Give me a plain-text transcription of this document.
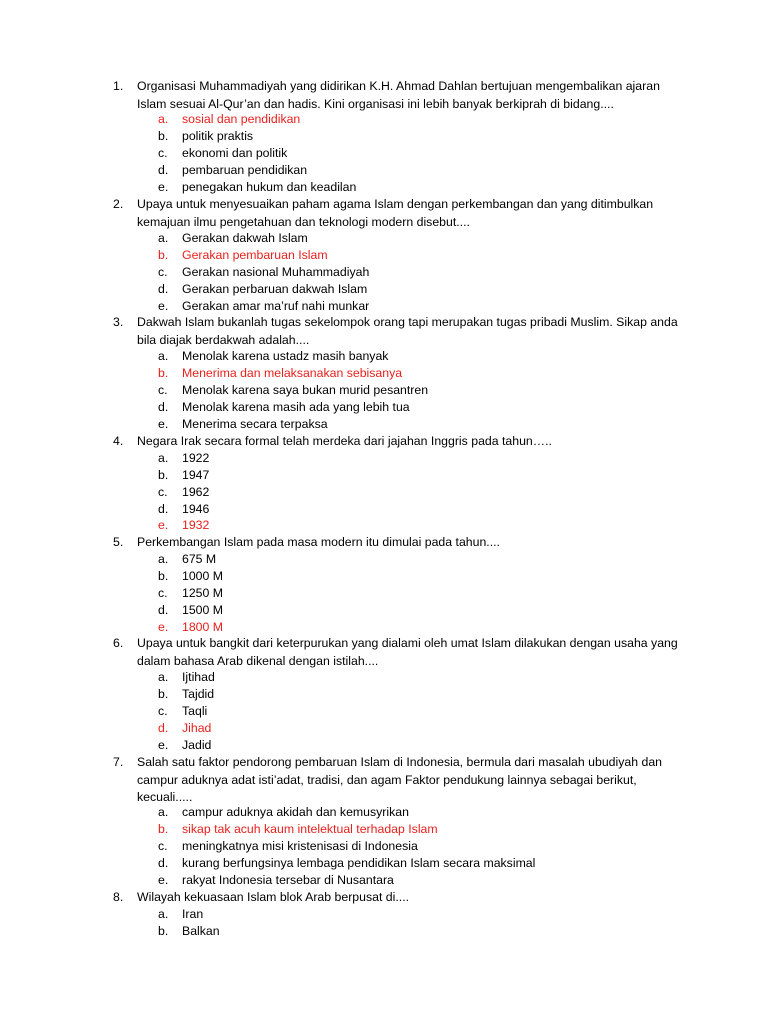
1.	Organisasi Muhammadiyah yang didirikan K.H. Ahmad Dahlan bertujuan mengembalikan ajaran Islam sesuai Al-Qur’an dan hadis. Kini organisasi ini lebih banyak berkiprah di bidang....
a. sosial dan pendidikan
b. politik praktis
c. ekonomi dan politik
d. pembaruan pendidikan
e. penegakan hukum dan keadilan
2.	Upaya untuk menyesuaikan paham agama Islam dengan perkembangan dan yang ditimbulkan kemajuan ilmu pengetahuan dan teknologi modern disebut....
a. Gerakan dakwah Islam
b. Gerakan pembaruan Islam
c. Gerakan nasional Muhammadiyah
d. Gerakan perbaruan dakwah Islam
e. Gerakan amar ma’ruf nahi munkar
3.	Dakwah Islam bukanlah tugas sekelompok orang tapi merupakan tugas pribadi Muslim. Sikap anda bila diajak berdakwah adalah....
a. Menolak karena ustadz masih banyak
b. Menerima dan melaksanakan sebisanya
c. Menolak karena saya bukan murid pesantren
d. Menolak karena masih ada yang lebih tua
e. Menerima secara terpaksa
4.	Negara Irak secara formal telah merdeka dari jajahan Inggris pada tahun…..
a. 1922
b. 1947
c. 1962
d. 1946
e. 1932
5.	Perkembangan Islam pada masa modern itu dimulai pada tahun....
a. 675 M
b. 1000 M
c. 1250 M
d. 1500 M
e. 1800 M
6.	Upaya untuk bangkit dari keterpurukan yang dialami oleh umat Islam dilakukan dengan usaha yang dalam bahasa Arab dikenal dengan istilah....
a. Ijtihad
b. Tajdid
c. Taqli
d. Jihad
e. Jadid
7.	Salah satu faktor pendorong pembaruan Islam di Indonesia, bermula dari masalah ubudiyah dan campur aduknya adat isti’adat, tradisi, dan agam Faktor pendukung lainnya sebagai berikut, kecuali.....
a. campur aduknya akidah dan kemusyrikan
b. sikap tak acuh kaum intelektual terhadap Islam
c. meningkatnya misi kristenisasi di Indonesia
d. kurang berfungsinya lembaga pendidikan Islam secara maksimal
e. rakyat Indonesia tersebar di Nusantara
8.	Wilayah kekuasaan Islam blok Arab berpusat di....
a. Iran
b. Balkan
